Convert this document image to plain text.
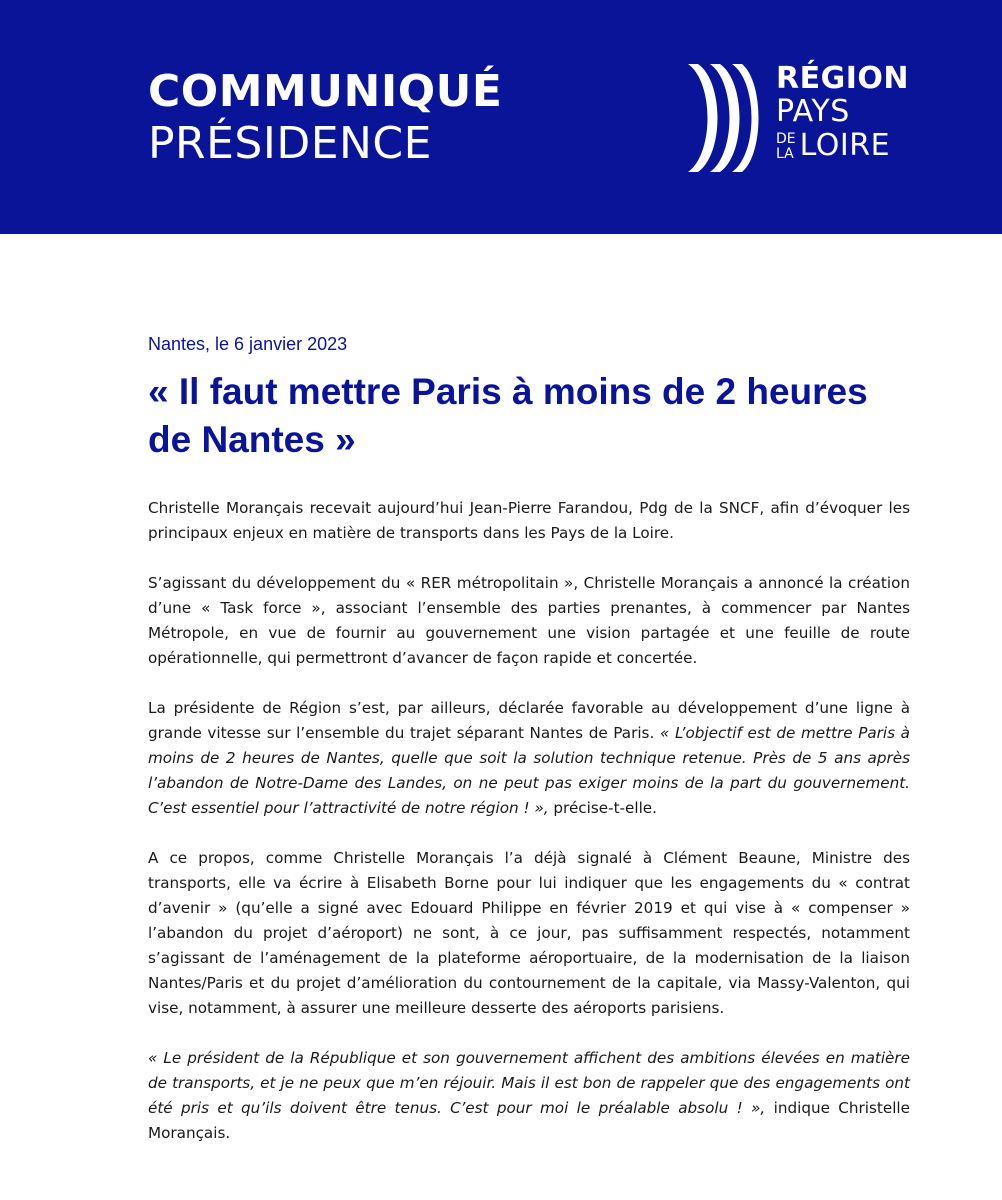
COMMUNIQUÉ
PRÉSIDENCE
RÉGION
PAYS
DE
LA LOIRE
Nantes, le 6 janvier 2023
« Il faut mettre Paris à moins de 2 heures de Nantes »

Christelle Morançais recevait aujourd’hui Jean-Pierre Farandou, Pdg de la SNCF, afin d’évoquer les principaux enjeux en matière de transports dans les Pays de la Loire.

S’agissant du développement du « RER métropolitain », Christelle Morançais a annoncé la création d’une « Task force », associant l’ensemble des parties prenantes, à commencer par Nantes Métropole, en vue de fournir au gouvernement une vision partagée et une feuille de route opérationnelle, qui permettront d’avancer de façon rapide et concertée.

La présidente de Région s’est, par ailleurs, déclarée favorable au développement d’une ligne à grande vitesse sur l’ensemble du trajet séparant Nantes de Paris. « L’objectif est de mettre Paris à moins de 2 heures de Nantes, quelle que soit la solution technique retenue. Près de 5 ans après l’abandon de Notre-Dame des Landes, on ne peut pas exiger moins de la part du gouvernement. C’est essentiel pour l’attractivité de notre région ! », précise-t-elle.

A ce propos, comme Christelle Morançais l’a déjà signalé à Clément Beaune, Ministre des transports, elle va écrire à Elisabeth Borne pour lui indiquer que les engagements du « contrat d’avenir » (qu’elle a signé avec Edouard Philippe en février 2019 et qui vise à « compenser » l’abandon du projet d’aéroport) ne sont, à ce jour, pas suffisamment respectés, notamment s’agissant de l’aménagement de la plateforme aéroportuaire, de la modernisation de la liaison Nantes/Paris et du projet d’amélioration du contournement de la capitale, via Massy-Valenton, qui vise, notamment, à assurer une meilleure desserte des aéroports parisiens.

« Le président de la République et son gouvernement affichent des ambitions élevées en matière de transports, et je ne peux que m’en réjouir. Mais il est bon de rappeler que des engagements ont été pris et qu’ils doivent être tenus. C’est pour moi le préalable absolu ! », indique Christelle Morançais.
